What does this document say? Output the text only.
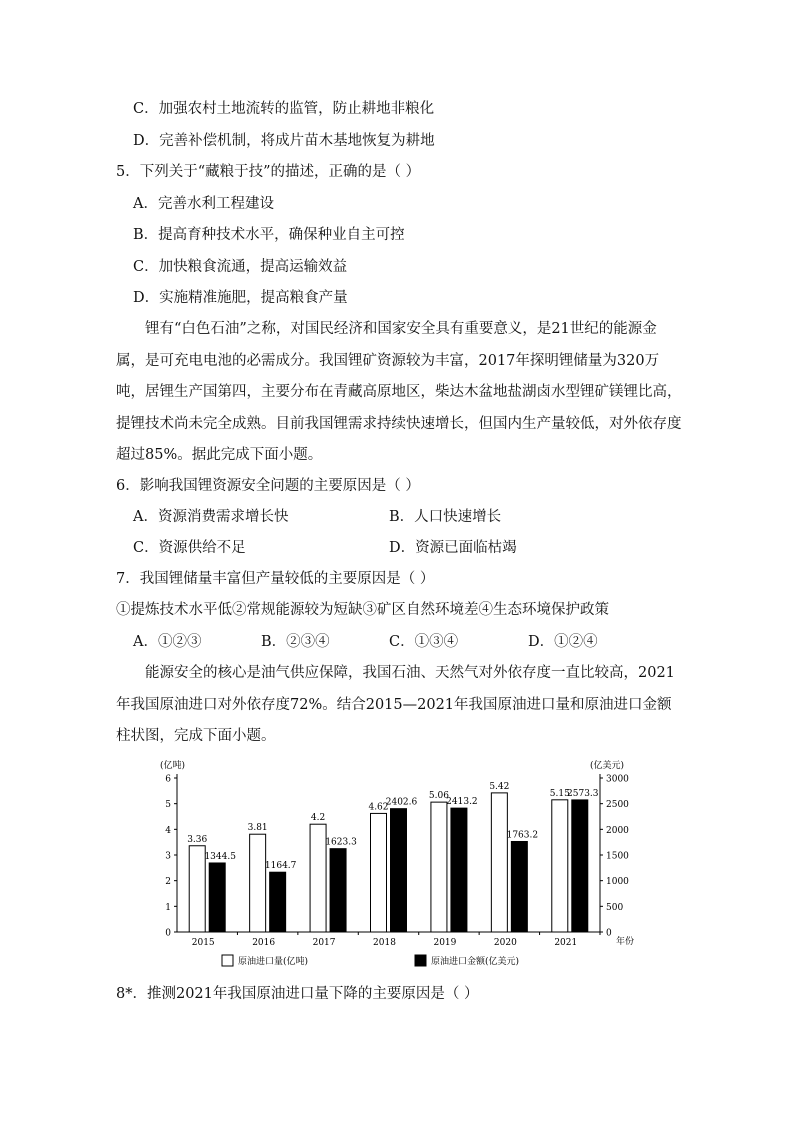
C．加强农村土地流转的监管，防止耕地非粮化
D．完善补偿机制，将成片苗木基地恢复为耕地
5．下列关于“藏粮于技”的描述，正确的是（ ）
A．完善水利工程建设
B．提高育种技术水平，确保种业自主可控
C．加快粮食流通，提高运输效益
D．实施精准施肥，提高粮食产量
锂有“白色石油”之称，对国民经济和国家安全具有重要意义，是21世纪的能源金属，是可充电电池的必需成分。我国锂矿资源较为丰富，2017年探明锂储量为320万吨，居锂生产国第四，主要分布在青藏高原地区，柴达木盆地盐湖卤水型锂矿镁锂比高，提锂技术尚未完全成熟。目前我国锂需求持续快速增长，但国内生产量较低，对外依存度超过85%。据此完成下面小题。
6．影响我国锂资源安全问题的主要原因是（ ）
A．资源消费需求增长快	B．人口快速增长
C．资源供给不足	D．资源已面临枯竭
7．我国锂储量丰富但产量较低的主要原因是（ ）
①提炼技术水平低②常规能源较为短缺③矿区自然环境差④生态环境保护政策
A．①②③	B．②③④	C．①③④	D．①②④
能源安全的核心是油气供应保障，我国石油、天然气对外依存度一直比较高，2021年我国原油进口对外依存度72%。结合2015—2021年我国原油进口量和原油进口金额柱状图，完成下面小题。
0
1
2
3
4
5
6
0
500
1000
1500
2000
2500
3000
(亿吨)	(亿美元)
年份
3.36
1344.5
2015
3.81
1164.7
2016
4.2
1623.3
2017
4.62
2402.6
2018
5.06
2413.2
2019
5.42
1763.2
2020
5.15
2573.3
2021
原油进口量(亿吨)	原油进口金额(亿美元)
8*．推测2021年我国原油进口量下降的主要原因是（ ）
